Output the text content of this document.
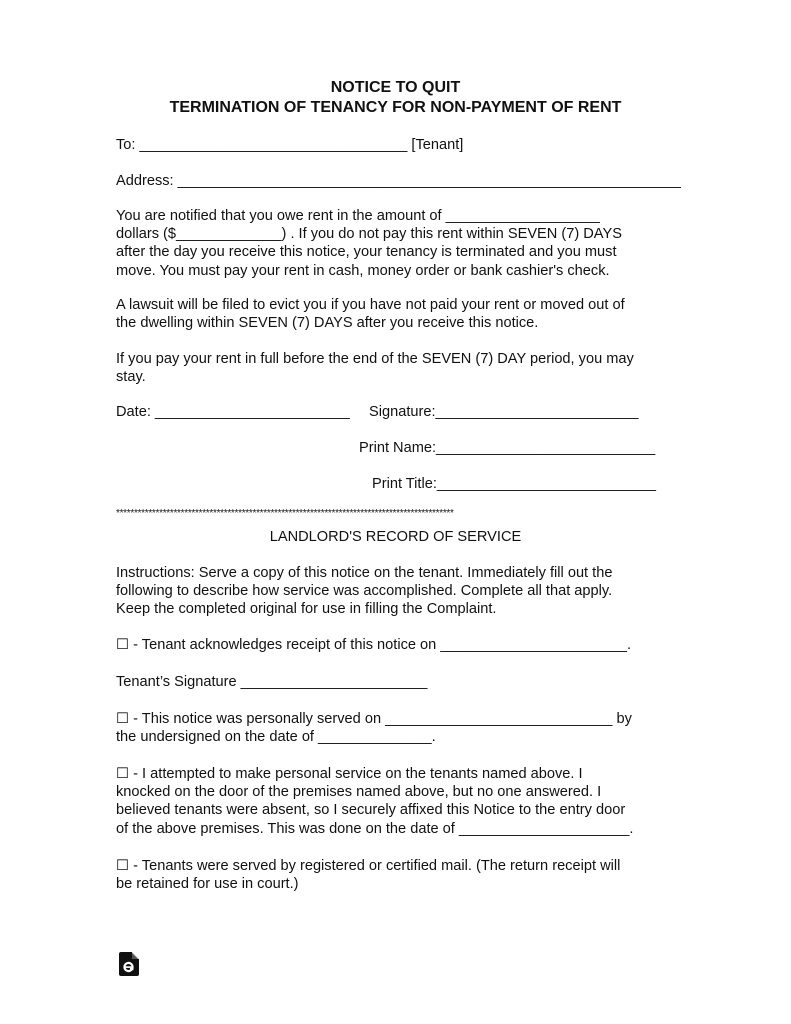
NOTICE TO QUIT
TERMINATION OF TENANCY FOR NON-PAYMENT OF RENT
To: _________________________________ [Tenant]
Address: ______________________________________________________________
You are notified that you owe rent in the amount of ___________________
dollars ($_____________) . If you do not pay this rent within SEVEN (7) DAYS
after the day you receive this notice, your tenancy is terminated and you must
move. You must pay your rent in cash, money order or bank cashier's check.
A lawsuit will be filed to evict you if you have not paid your rent or moved out of
the dwelling within SEVEN (7) DAYS after you receive this notice.
If you pay your rent in full before the end of the SEVEN (7) DAY period, you may
stay.
Date: ________________________ Signature:_________________________
Print Name:___________________________
Print Title:___________________________
**********************************************************************************************
LANDLORD'S RECORD OF SERVICE
Instructions: Serve a copy of this notice on the tenant. Immediately fill out the
following to describe how service was accomplished. Complete all that apply.
Keep the completed original for use in filling the Complaint.
☐ - Tenant acknowledges receipt of this notice on _______________________.
Tenant’s Signature _______________________
☐ - This notice was personally served on ____________________________ by
the undersigned on the date of ______________.
☐ - I attempted to make personal service on the tenants named above. I
knocked on the door of the premises named above, but no one answered. I
believed tenants were absent, so I securely affixed this Notice to the entry door
of the above premises. This was done on the date of _____________________.
☐ - Tenants were served by registered or certified mail. (The return receipt will
be retained for use in court.)
